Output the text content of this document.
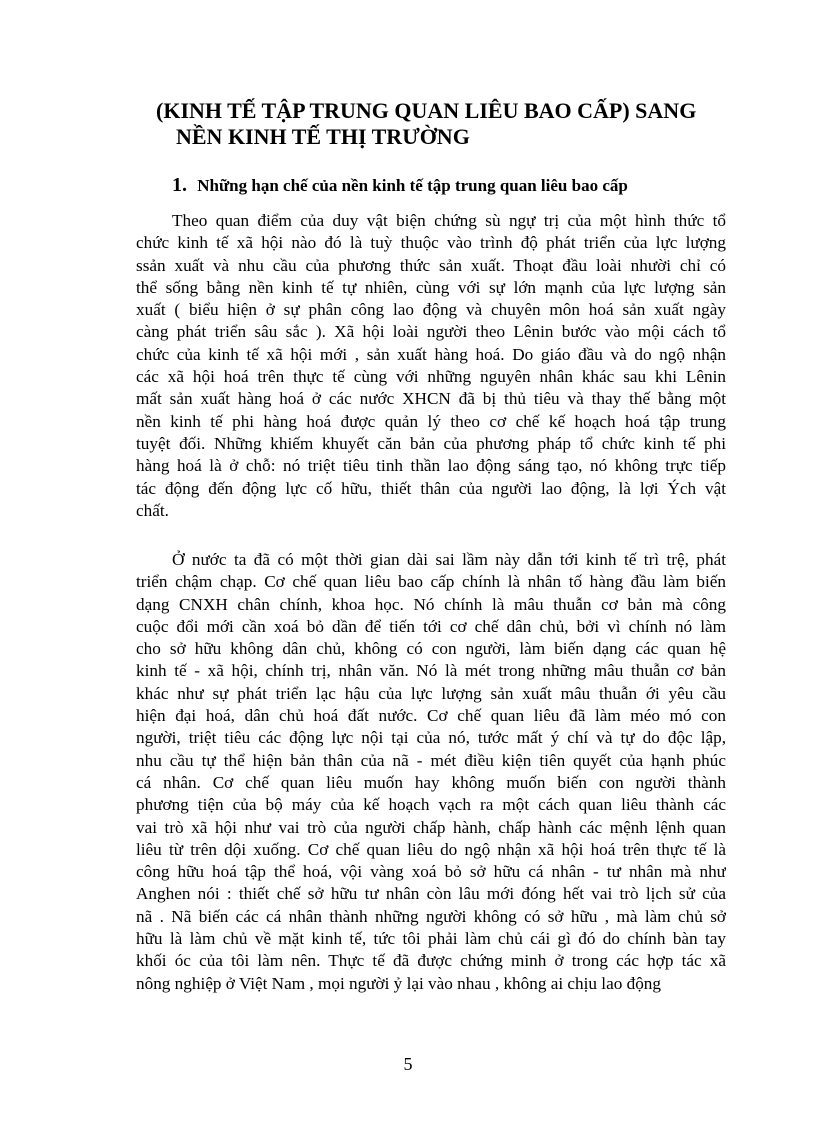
(KINH TẾ TẬP TRUNG QUAN LIÊU BAO CẤP) SANG
NỀN KINH TẾ THỊ TRƯỜNG
1. Những hạn chế của nền kinh tế tập trung quan liêu bao cấp
Theo quan điểm của duy vật biện chứng sù ngự trị của một hình thức tổ
chức kinh tế xã hội nào đó là tuỳ thuộc vào trình độ phát triển của lực lượng
ssản xuất và nhu cầu của phương thức sản xuất. Thoạt đầu loài nhười chỉ có
thể sống bằng nền kinh tế tự nhiên, cùng với sự lớn mạnh của lực lượng sản
xuất ( biểu hiện ở sự phân công lao động và chuyên môn hoá sản xuất ngày
càng phát triển sâu sắc ). Xã hội loài người theo Lênin bước vào mội cách tổ
chức của kinh tế xã hội mới , sản xuất hàng hoá. Do giáo đầu và do ngộ nhận
các xã hội hoá trên thực tế cùng với những nguyên nhân khác sau khi Lênin
mất sản xuất hàng hoá ở các nước XHCN đã bị thủ tiêu và thay thế bằng một
nền kinh tế phi hàng hoá được quản lý theo cơ chế kế hoạch hoá tập trung
tuyệt đối. Những khiếm khuyết căn bản của phương pháp tổ chức kinh tế phi
hàng hoá là ở chỗ: nó triệt tiêu tinh thần lao động sáng tạo, nó không trực tiếp
tác động đến động lực cố hữu, thiết thân của người lao động, là lợi Ých vật
chất.
Ở nước ta đã có một thời gian dài sai lầm này dẫn tới kinh tế trì trệ, phát
triển chậm chạp. Cơ chế quan liêu bao cấp chính là nhân tố hàng đầu làm biến
dạng CNXH chân chính, khoa học. Nó chính là mâu thuẫn cơ bản mà công
cuộc đổi mới cần xoá bỏ dần để tiến tới cơ chế dân chủ, bởi vì chính nó làm
cho sở hữu không dân chủ, không có con người, làm biến dạng các quan hệ
kinh tế - xã hội, chính trị, nhân văn. Nó là mét trong những mâu thuẫn cơ bản
khác như sự phát triển lạc hậu của lực lượng sản xuất mâu thuẫn ới yêu cầu
hiện đại hoá, dân chủ hoá đất nước. Cơ chế quan liêu đã làm méo mó con
người, triệt tiêu các động lực nội tại của nó, tước mất ý chí và tự do độc lập,
nhu cầu tự thể hiện bản thân của nã - mét điều kiện tiên quyết của hạnh phúc
cá nhân. Cơ chế quan liêu muốn hay không muốn biến con người thành
phương tiện của bộ máy của kế hoạch vạch ra một cách quan liêu thành các
vai trò xã hội như vai trò của người chấp hành, chấp hành các mệnh lệnh quan
liêu từ trên dội xuống. Cơ chế quan liêu do ngộ nhận xã hội hoá trên thực tế là
công hữu hoá tập thể hoá, vội vàng xoá bỏ sở hữu cá nhân - tư nhân mà như
Anghen nói : thiết chế sở hữu tư nhân còn lâu mới đóng hết vai trò lịch sử của
nã . Nã biến các cá nhân thành những người không có sở hữu , mà làm chủ sở
hữu là làm chủ về mặt kinh tế, tức tôi phải làm chủ cái gì đó do chính bàn tay
khối óc của tôi làm nên. Thực tế đã được chứng minh ở trong các hợp tác xã
nông nghiệp ở Việt Nam , mọi người ỷ lại vào nhau , không ai chịu lao động
5
